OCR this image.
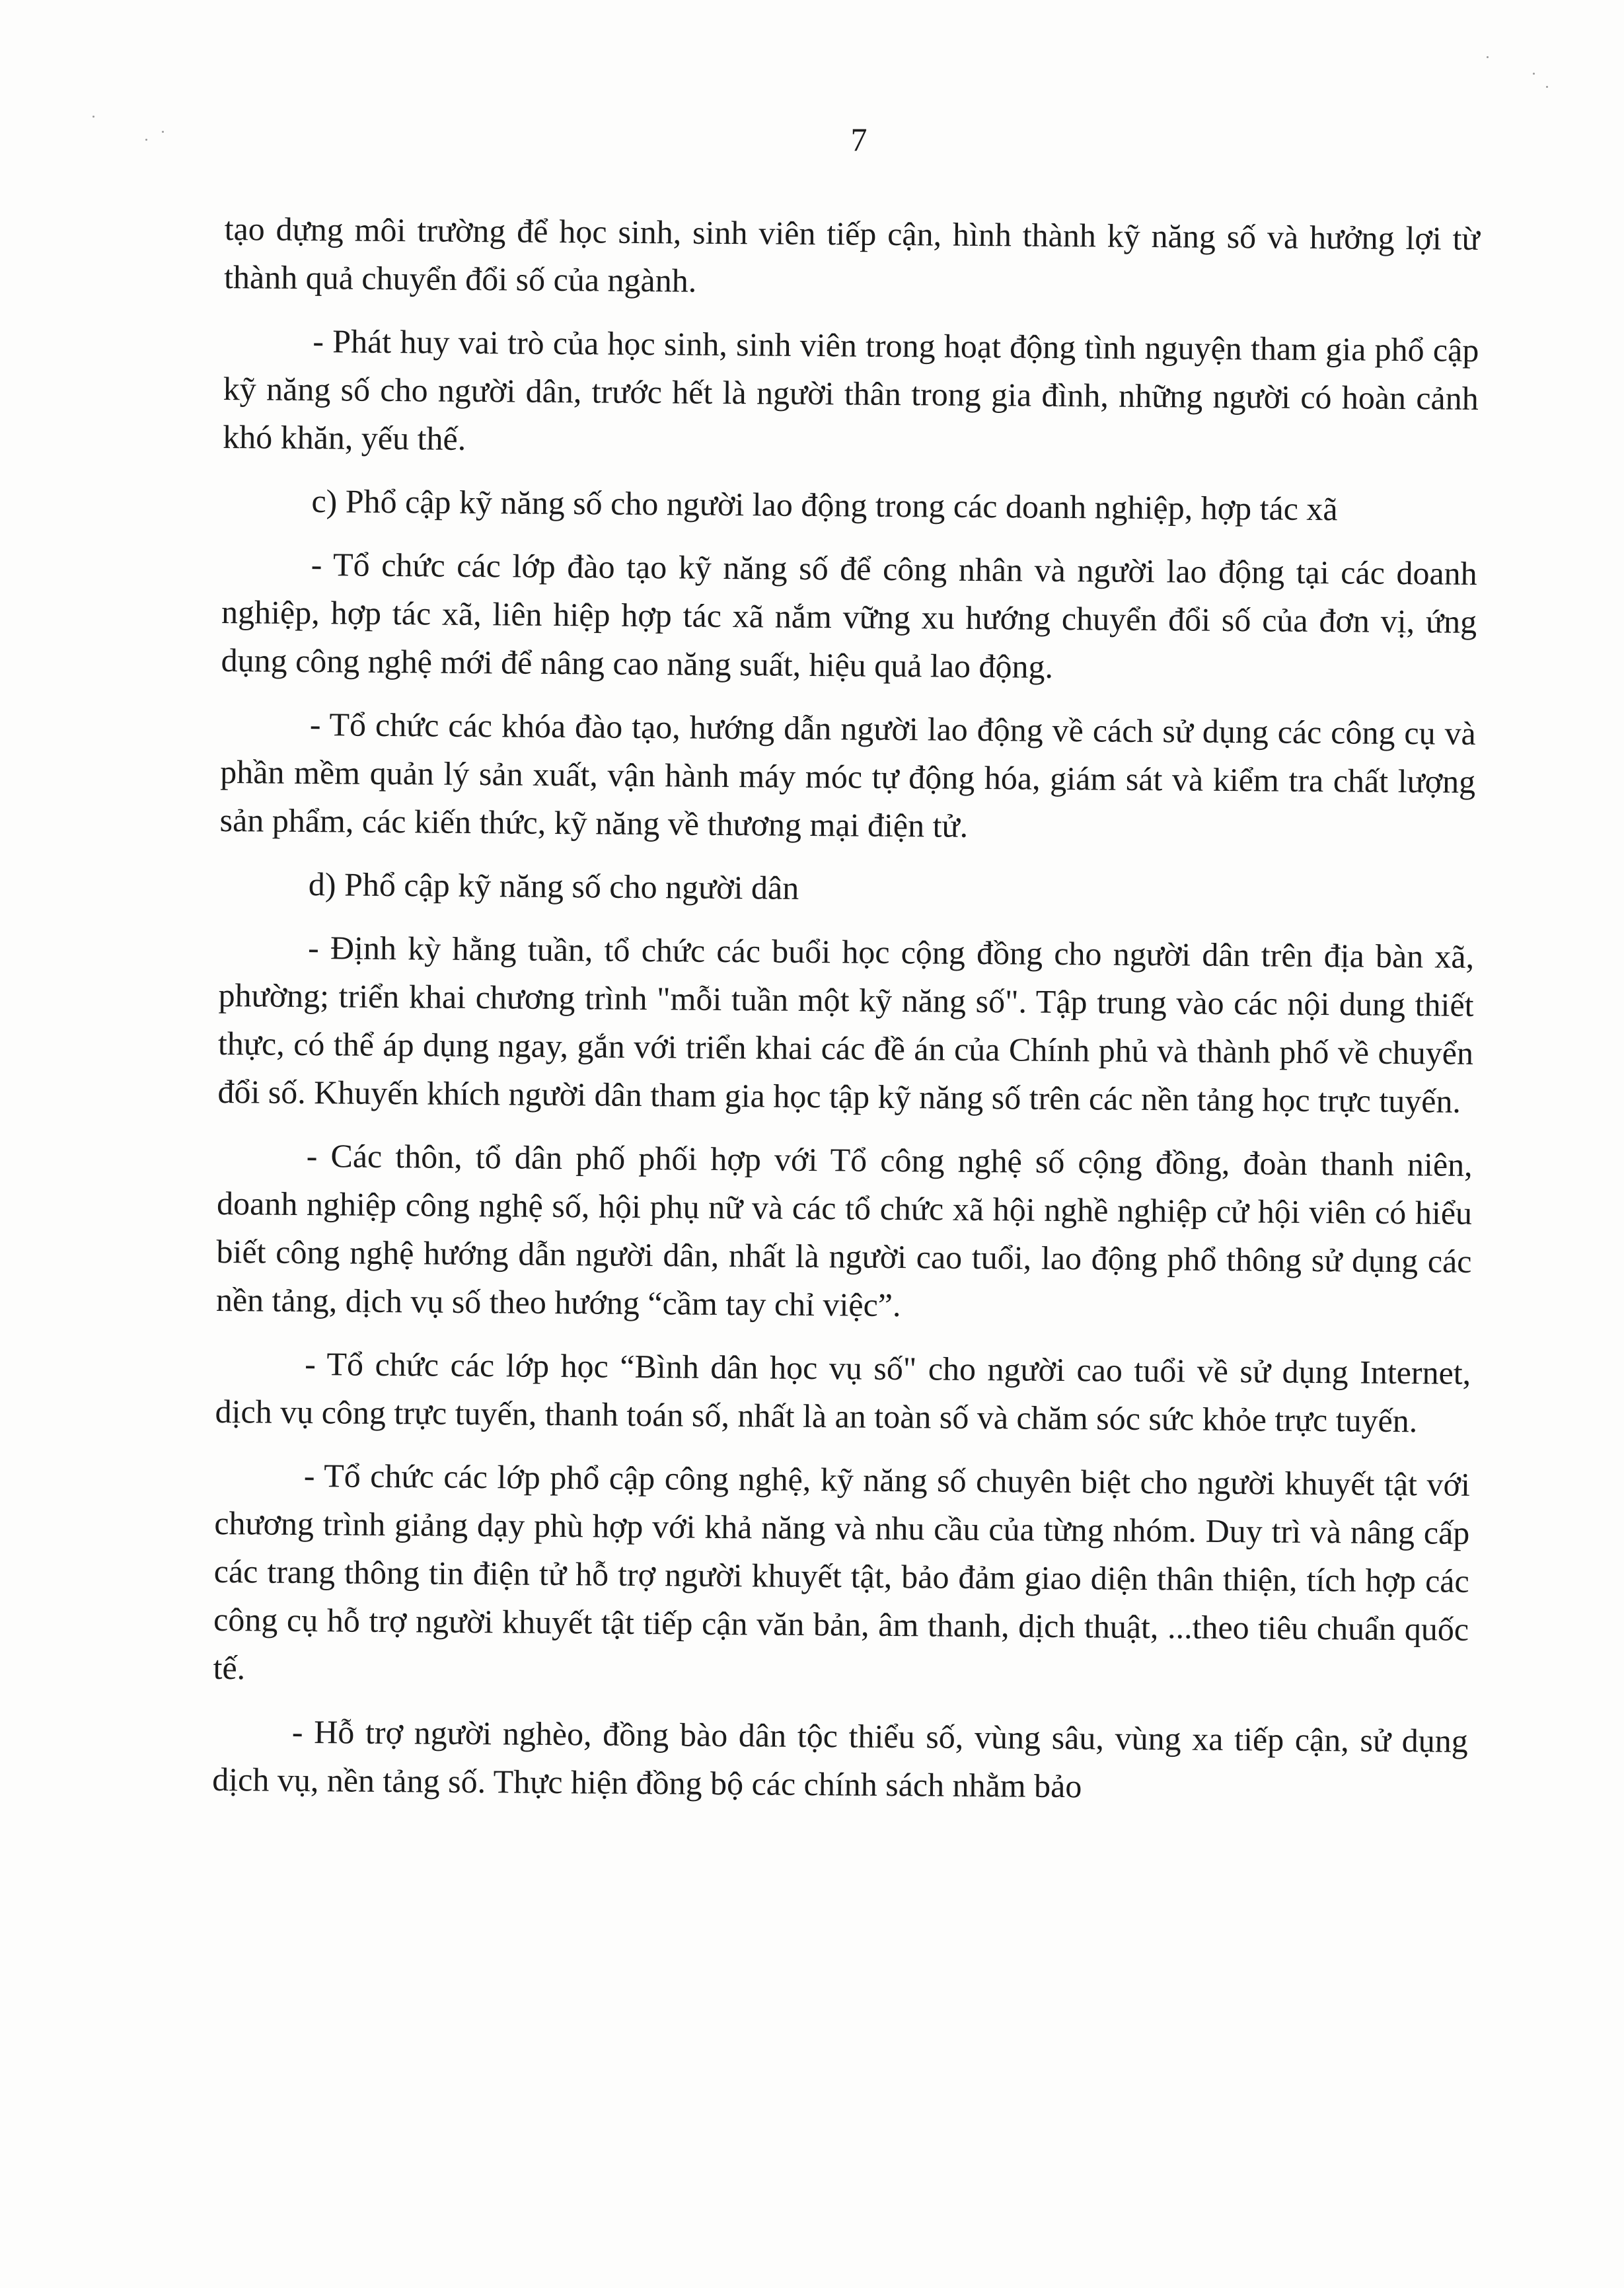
7

tạo dựng môi trường để học sinh, sinh viên tiếp cận, hình thành kỹ năng số và hưởng lợi từ thành quả chuyển đổi số của ngành.

- Phát huy vai trò của học sinh, sinh viên trong hoạt động tình nguyện tham gia phổ cập kỹ năng số cho người dân, trước hết là người thân trong gia đình, những người có hoàn cảnh khó khăn, yếu thế.

c) Phổ cập kỹ năng số cho người lao động trong các doanh nghiệp, hợp tác xã

- Tổ chức các lớp đào tạo kỹ năng số để công nhân và người lao động tại các doanh nghiệp, hợp tác xã, liên hiệp hợp tác xã nắm vững xu hướng chuyển đổi số của đơn vị, ứng dụng công nghệ mới để nâng cao năng suất, hiệu quả lao động.

- Tổ chức các khóa đào tạo, hướng dẫn người lao động về cách sử dụng các công cụ và phần mềm quản lý sản xuất, vận hành máy móc tự động hóa, giám sát và kiểm tra chất lượng sản phẩm, các kiến thức, kỹ năng về thương mại điện tử.

d) Phổ cập kỹ năng số cho người dân

- Định kỳ hằng tuần, tổ chức các buổi học cộng đồng cho người dân trên địa bàn xã, phường; triển khai chương trình "mỗi tuần một kỹ năng số". Tập trung vào các nội dung thiết thực, có thể áp dụng ngay, gắn với triển khai các đề án của Chính phủ và thành phố về chuyển đổi số. Khuyến khích người dân tham gia học tập kỹ năng số trên các nền tảng học trực tuyến.

- Các thôn, tổ dân phố phối hợp với Tổ công nghệ số cộng đồng, đoàn thanh niên, doanh nghiệp công nghệ số, hội phụ nữ và các tổ chức xã hội nghề nghiệp cử hội viên có hiểu biết công nghệ hướng dẫn người dân, nhất là người cao tuổi, lao động phổ thông sử dụng các nền tảng, dịch vụ số theo hướng “cầm tay chỉ việc”.

- Tổ chức các lớp học “Bình dân học vụ số" cho người cao tuổi về sử dụng Internet, dịch vụ công trực tuyến, thanh toán số, nhất là an toàn số và chăm sóc sức khỏe trực tuyến.

- Tổ chức các lớp phổ cập công nghệ, kỹ năng số chuyên biệt cho người khuyết tật với chương trình giảng dạy phù hợp với khả năng và nhu cầu của từng nhóm. Duy trì và nâng cấp các trang thông tin điện tử hỗ trợ người khuyết tật, bảo đảm giao diện thân thiện, tích hợp các công cụ hỗ trợ người khuyết tật tiếp cận văn bản, âm thanh, dịch thuật, ...theo tiêu chuẩn quốc tế.

- Hỗ trợ người nghèo, đồng bào dân tộc thiểu số, vùng sâu, vùng xa tiếp cận, sử dụng dịch vụ, nền tảng số. Thực hiện đồng bộ các chính sách nhằm bảo
